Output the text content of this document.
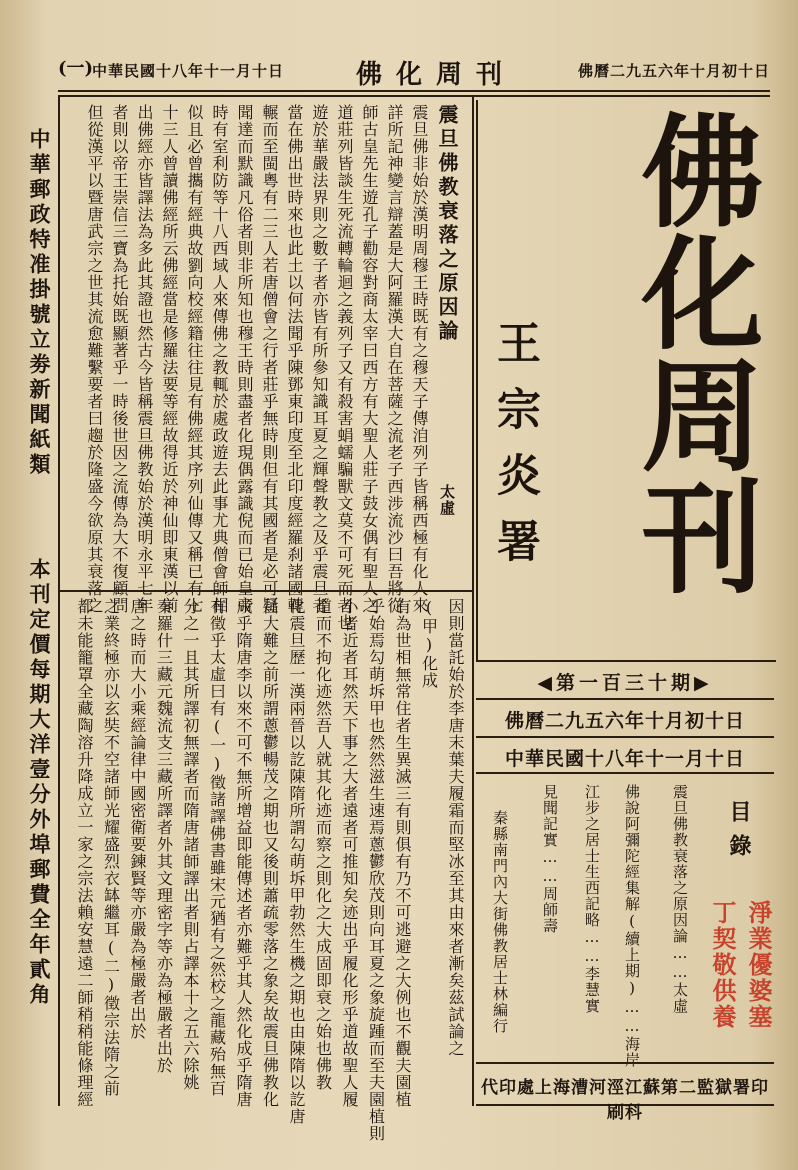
(一)
中華民國十八年十一月十日	佛化周刊	佛曆二九五六年十月初十日
中華郵政特准掛號立劵新聞紙類
本刊定價每期大洋壹分外埠郵費全年貳角
震旦佛教衰落之原因論
太虛
震旦佛非始於漢明周穆王時既有之穆天子傳洎列子皆稱西極有化人來
詳所記神變言辯蓋是大阿羅漢大自在菩薩之流老子西涉流沙曰吾將從
師古皇先生遊孔子勸容對商太宰曰西方有大聖人莊子鼓女偶有聖人之
道莊列皆談生死流轉輪迴之義列子又有殺害蜎蠕騙獸文莫不可死而者也
遊於華嚴法界則之數子者亦皆有所參知識耳夏之輝聲教之及乎震旦者
當在佛出世時來也此土以何法聞乎陳鄧東印度至北印度經羅刹諸國轉
輾而至閩粵有二三人若唐僧會之行者莊乎無時則但有其國者是必可疑
聞達而默識凡俗者則非所知也穆王時則盡者化現偶露識倪而已始皇帝
時有室利防等十八西域人來傳佛之教輒於處政遊去此事尤典僧會師相
似且必曾攜有經典故劉向校經籍往往見有佛經其序列仙傳又稱已有七
十三人曾讀佛經所云佛經當是修羅法要等經故得近於神仙即東漢以前
出佛經亦皆譯法為多此其證也然古今皆稱震旦佛教始於漢明永平七年
者則以帝王崇信三寶為托始既顯著乎一時後世因之流傳為大不復顧問
但從漢平以暨唐武宗之世其流愈難繫要者曰趨於隆盛今欲原其衰落之
因則當託始於李唐末葉夫履霜而堅冰至其由來者漸矣茲試論之
(甲)化成
有為世相無常住者生異滅三有則俱有乃不可逃避之大例也不觀夫園植
乎始焉勾萌坼甲也然然滋生速焉蔥鬱欣茂則向耳夏之象旋踵而至夫園植則
小者近者耳然天下事之大者遠者可推知矣迹出乎履化形乎道故聖人履
道而不拘化迹然吾人就其化迹而察之則化之大成固即衰之始也佛教
化震旦歷一漢兩晉以訖陳隋所謂勾萌坼甲勃然生機之期也由陳隋以訖唐
昌大難之前所謂蔥鬱暢茂之期也又後則蕭疏零落之象矣故震旦佛教化
成乎隋唐李以來不可不無所增益即能傳述者亦難乎其人然化成乎隋唐
有徵乎太虛曰有(一)徵諸譯佛書雖宋元猶有之然校之龍藏殆無百
分之一且其所譯初無譯者而隋唐諸師譯出者則占譯本十之五六除姚
秦羅什三藏元魏流支三藏所譯者外其文理密字等亦為極嚴者出於
唐之時而大小乘經論律中國密衛要鍊賢等亦嚴為極嚴者出於
之業終極亦以玄奘不空諸師光耀盛烈衣缽繼耳(二)徵宗法隋之前
都未能籠罩全藏陶溶升降成立一家之宗法賴安慧遠二師稍稍能條理經
佛化周刊
王宗炎署
◀第一百三十期▶
佛曆二九五六年十月初十日
中華民國十八年十一月十日
目錄
震旦佛教衰落之原因論……太虛
佛說阿彌陀經集解(續上期)……海岸
江步之居士生西記略……李慧實
見聞記實……周師壽
秦縣南門內大街佛教居士林編行	淨業優婆塞
丁契敬供養
代印處上海漕河涇江蘇第二監獄署印刷科
